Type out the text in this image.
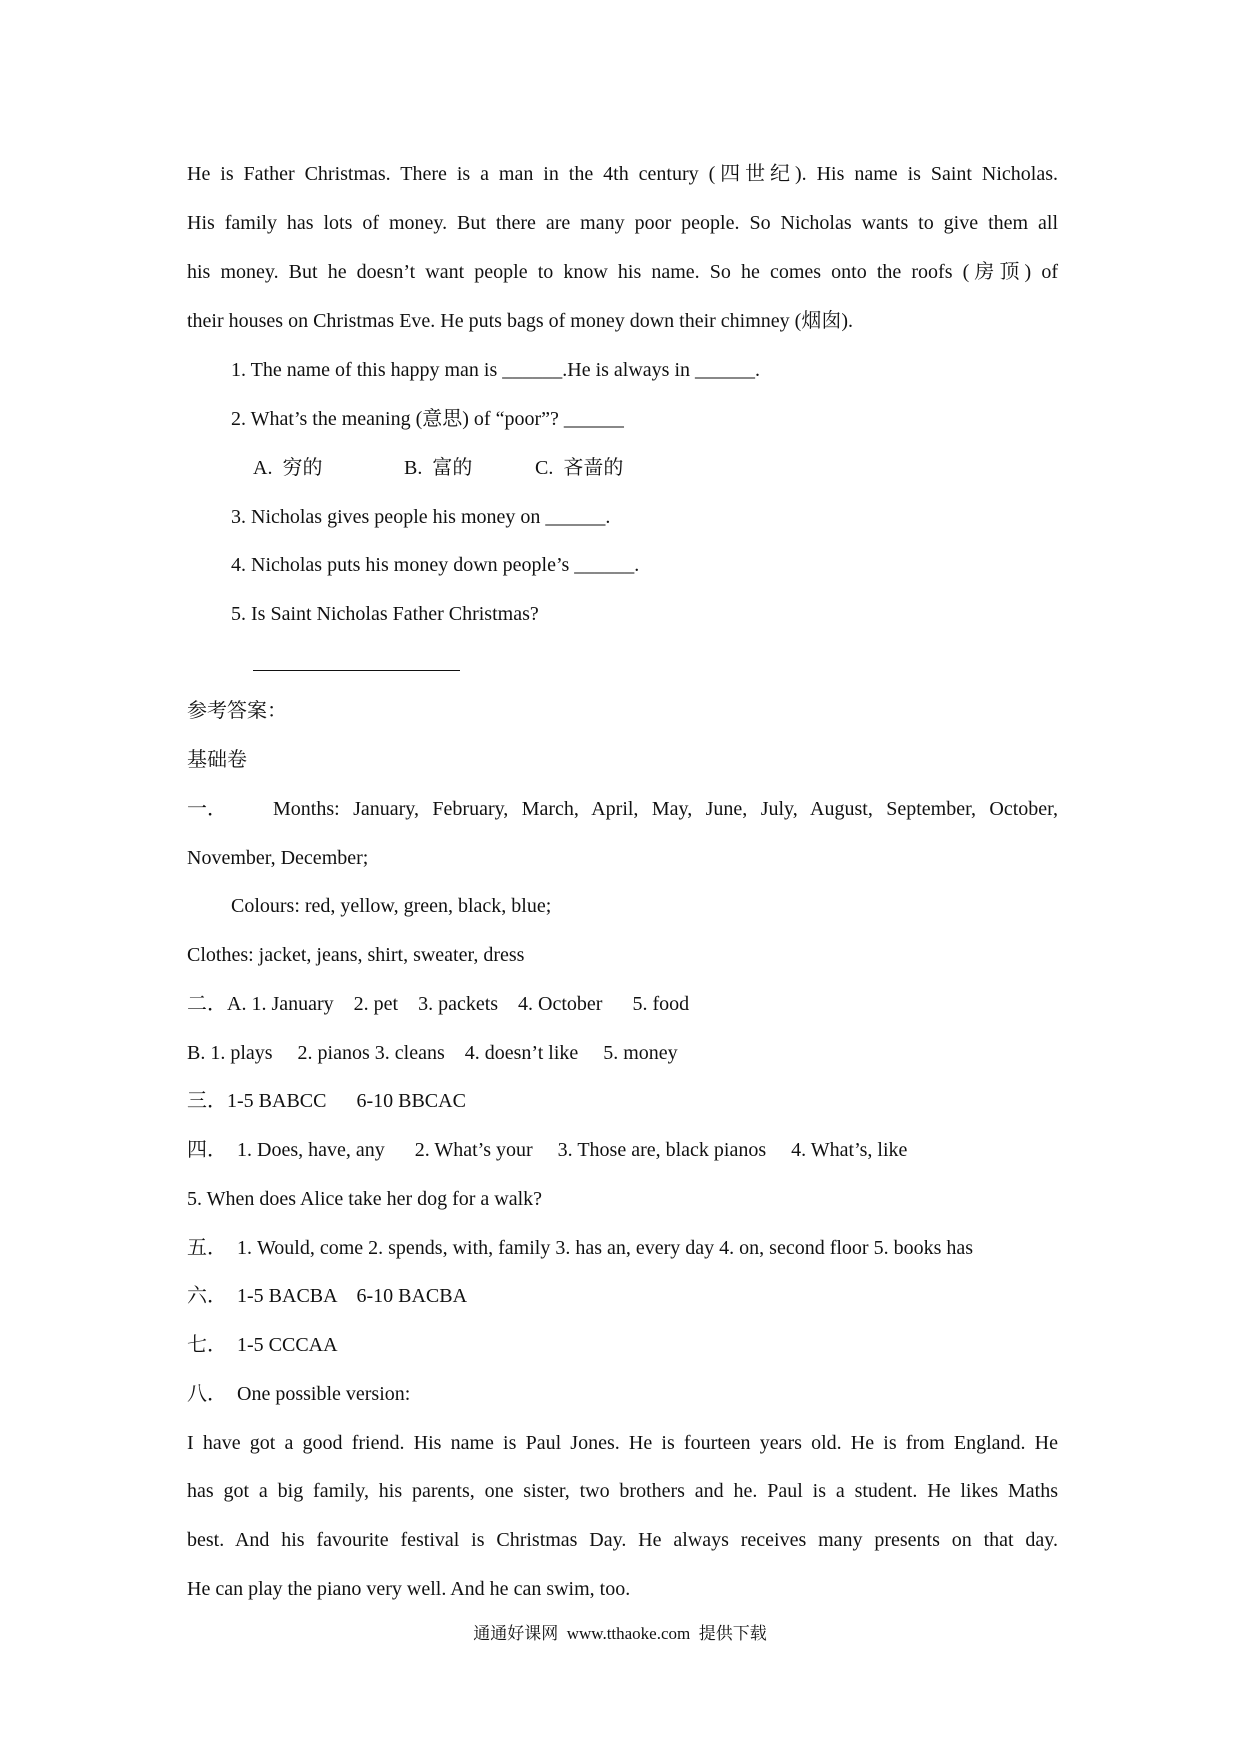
He is Father Christmas. There is a man in the 4th century (四世纪). His name is Saint Nicholas.
His family has lots of money. But there are many poor people. So Nicholas wants to give them all
his money. But he doesn’t want people to know his name. So he comes onto the roofs (房顶) of
their houses on Christmas Eve. He puts bags of money down their chimney (烟囱).
1. The name of this happy man is ______.He is always in ______.
2. What’s the meaning (意思) of “poor”? ______
A.  穷的	B.  富的	C.  吝啬的
3. Nicholas gives people his money on ______.
4. Nicholas puts his money down people’s ______.
5. Is Saint Nicholas Father Christmas?
参考答案：
基础卷
一． Months: January, February, March, April, May, June, July, August, September, October,
November, December;
Colours: red, yellow, green, black, blue;
Clothes: jacket, jeans, shirt, sweater, dress
二．A. 1. January    2. pet    3. packets    4. October      5. food
B. 1. plays     2. pianos 3. cleans    4. doesn’t like     5. money
三．1-5 BABCC      6-10 BBCAC
四．  1. Does, have, any      2. What’s your     3. Those are, black pianos     4. What’s, like
5. When does Alice take her dog for a walk?
五．  1. Would, come 2. spends, with, family 3. has an, every day 4. on, second floor 5. books has
六．  1-5 BACBA    6-10 BACBA
七．  1-5 CCCAA
八．  One possible version:
I have got a good friend. His name is Paul Jones. He is fourteen years old. He is from England. He
has got a big family, his parents, one sister, two brothers and he. Paul is a student. He likes Maths
best. And his favourite festival is Christmas Day. He always receives many presents on that day.
He can play the piano very well. And he can swim, too.
通通好课网  www.tthaoke.com  提供下载
